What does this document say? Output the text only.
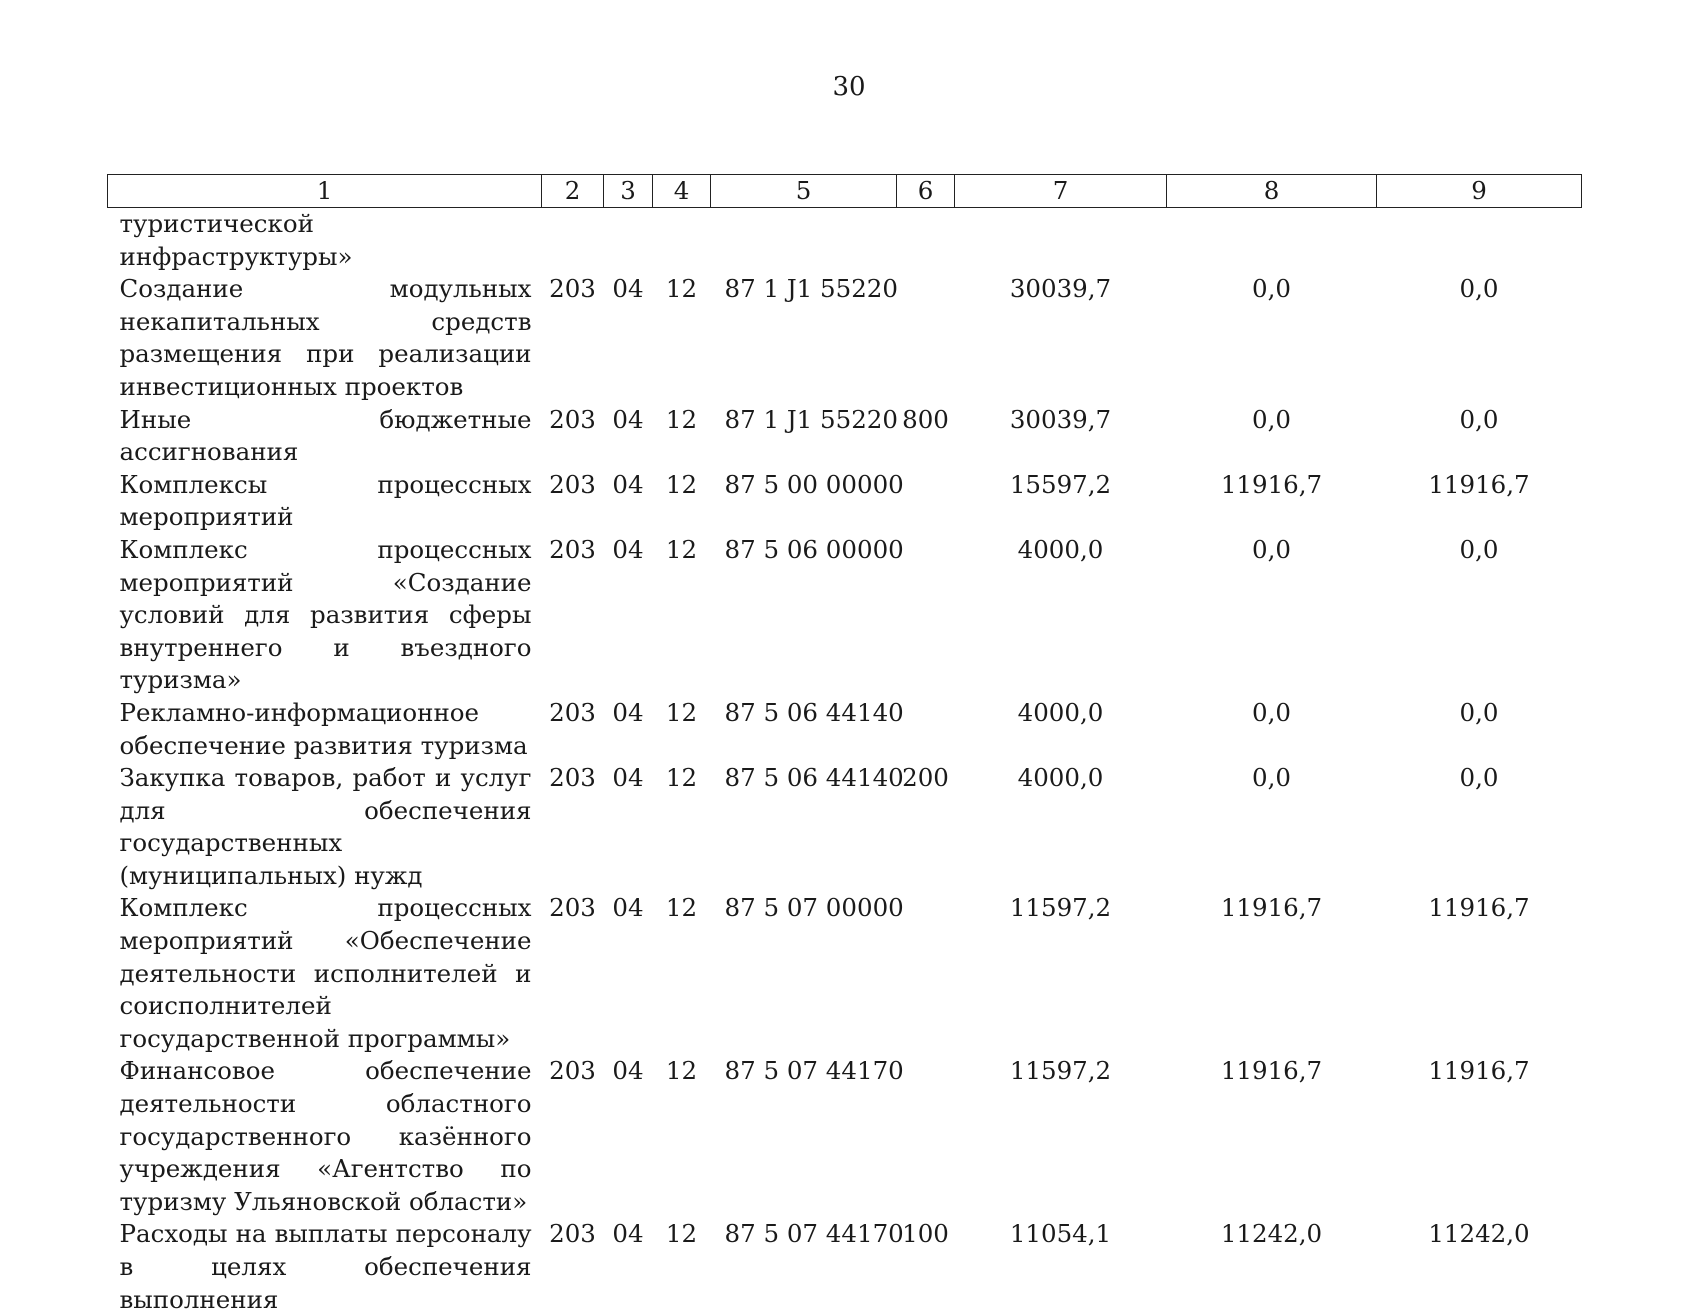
30
1	2	3	4	5	6	7	8	9
туристической инфраструктуры»								
Создание модульных некапитальных средств размещения при реализации инвестиционных проектов	203	04	12	87 1 J1 55220		30039,7	0,0	0,0
Иные бюджетные ассигнования	203	04	12	87 1 J1 55220	800	30039,7	0,0	0,0
Комплексы процессных мероприятий	203	04	12	87 5 00 00000		15597,2	11916,7	11916,7
Комплекс процессных мероприятий «Создание условий для развития сферы внутреннего и въездного туризма»	203	04	12	87 5 06 00000		4000,0	0,0	0,0
Рекламно-информационное обеспечение развития туризма	203	04	12	87 5 06 44140		4000,0	0,0	0,0
Закупка товаров, работ и услуг для обеспечения государственных (муниципальных) нужд	203	04	12	87 5 06 44140	200	4000,0	0,0	0,0
Комплекс процессных мероприятий «Обеспечение деятельности исполнителей и соисполнителей государственной программы»	203	04	12	87 5 07 00000		11597,2	11916,7	11916,7
Финансовое обеспечение деятельности областного государственного казённого учреждения «Агентство по туризму Ульяновской области»	203	04	12	87 5 07 44170		11597,2	11916,7	11916,7
Расходы на выплаты персоналу в целях обеспечения выполнения	203	04	12	87 5 07 44170	100	11054,1	11242,0	11242,0
